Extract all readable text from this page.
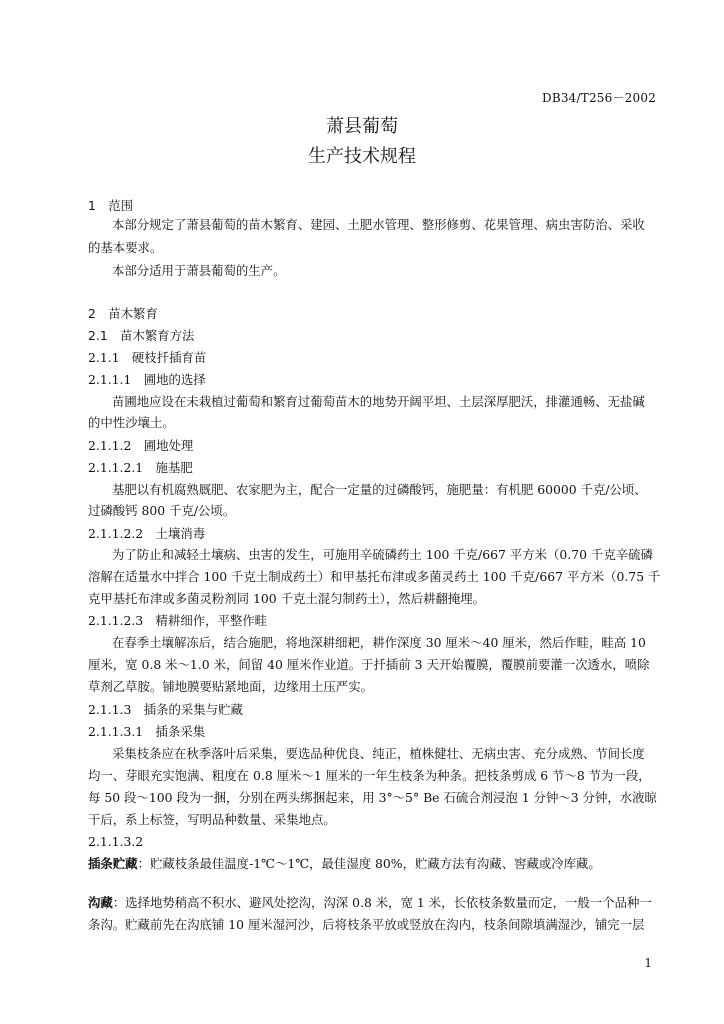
DB34/T256－2002
萧县葡萄
生产技术规程
1　范围
本部分规定了萧县葡萄的苗木繁育、建园、土肥水管理、整形修剪、花果管理、病虫害防治、采收
的基本要求。
本部分适用于萧县葡萄的生产。
2　苗木繁育
2.1　苗木繁育方法
2.1.1　硬枝扦插育苗
2.1.1.1　圃地的选择
苗圃地应设在未栽植过葡萄和繁育过葡萄苗木的地势开阔平坦、土层深厚肥沃，排灌通畅、无盐碱
的中性沙壤土。
2.1.1.2　圃地处理
2.1.1.2.1　施基肥
基肥以有机腐熟厩肥、农家肥为主，配合一定量的过磷酸钙，施肥量：有机肥 60000 千克/公顷、
过磷酸钙 800 千克/公顷。
2.1.1.2.2　土壤消毒
为了防止和减轻土壤病、虫害的发生，可施用辛硫磷药土 100 千克/667 平方米（0.70 千克辛硫磷
溶解在适量水中拌合 100 千克土制成药土）和甲基托布津或多菌灵药土 100 千克/667 平方米（0.75 千
克甲基托布津或多菌灵粉剂同 100 千克土混匀制药土），然后耕翻掩埋。
2.1.1.2.3　精耕细作，平整作畦
在春季土壤解冻后，结合施肥，将地深耕细耙，耕作深度 30 厘米～40 厘米，然后作畦，畦高 10
厘米，宽 0.8 米～1.0 米，间留 40 厘米作业道。于扦插前 3 天开始覆膜，覆膜前要灌一次透水，喷除
草剂乙草胺。铺地膜要贴紧地面，边缘用土压严实。
2.1.1.3　插条的采集与贮藏
2.1.1.3.1　插条采集
采集枝条应在秋季落叶后采集，要选品种优良、纯正，植株健壮、无病虫害、充分成熟、节间长度
均一、芽眼充实饱满、粗度在 0.8 厘米～1 厘米的一年生枝条为种条。把枝条剪成 6 节～8 节为一段，
每 50 段～100 段为一捆，分别在两头绑捆起来，用 3°～5° Be 石硫合剂浸泡 1 分钟～3 分钟，水液晾
干后，系上标签，写明品种数量、采集地点。
2.1.1.3.2
插条贮藏：贮藏枝条最佳温度-1℃～1℃，最佳湿度 80%，贮藏方法有沟藏、窖藏或冷库藏。
沟藏：选择地势稍高不积水、避风处挖沟，沟深 0.8 米，宽 1 米，长依枝条数量而定，一般一个品种一
条沟。贮藏前先在沟底铺 10 厘米湿河沙，后将枝条平放或竖放在沟内，枝条间隙填满湿沙，铺完一层
1
